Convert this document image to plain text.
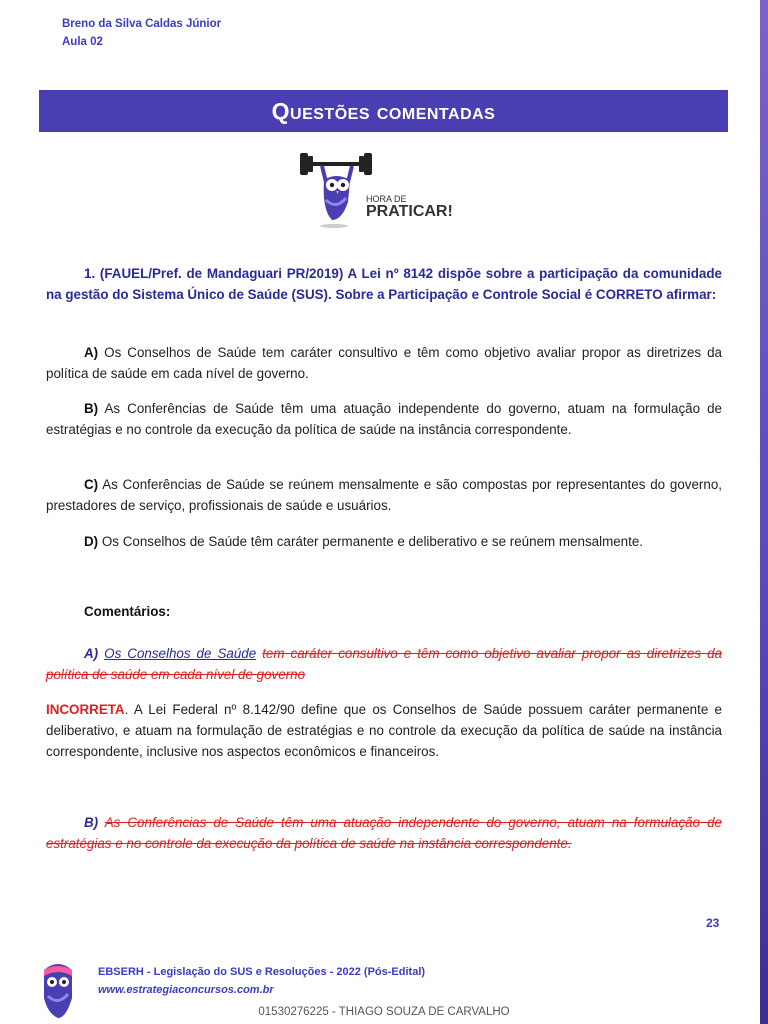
Breno da Silva Caldas Júnior
Aula 02
Questões comentadas
HORA DE
PRATICAR!
1. (FAUEL/Pref. de Mandaguari PR/2019) A Lei nº 8142 dispõe sobre a participação da comunidade na gestão do Sistema Único de Saúde (SUS). Sobre a Participação e Controle Social é CORRETO afirmar:
A) Os Conselhos de Saúde tem caráter consultivo e têm como objetivo avaliar propor as diretrizes da política de saúde em cada nível de governo.
B) As Conferências de Saúde têm uma atuação independente do governo, atuam na formulação de estratégias e no controle da execução da política de saúde na instância correspondente.
C) As Conferências de Saúde se reúnem mensalmente e são compostas por representantes do governo, prestadores de serviço, profissionais de saúde e usuários.
D) Os Conselhos de Saúde têm caráter permanente e deliberativo e se reúnem mensalmente.
Comentários:
A) Os Conselhos de Saúde tem caráter consultivo e têm como objetivo avaliar propor as diretrizes da política de saúde em cada nível de governo
INCORRETA. A Lei Federal nº 8.142/90 define que os Conselhos de Saúde possuem caráter permanente e deliberativo, e atuam na formulação de estratégias e no controle da execução da política de saúde na instância correspondente, inclusive nos aspectos econômicos e financeiros.
B) As Conferências de Saúde têm uma atuação independente do governo, atuam na formulação de estratégias e no controle da execução da política de saúde na instância correspondente.
23
EBSERH - Legislação do SUS e Resoluções - 2022 (Pós-Edital)
www.estrategiaconcursos.com.br
01530276225 - THIAGO SOUZA DE CARVALHO
